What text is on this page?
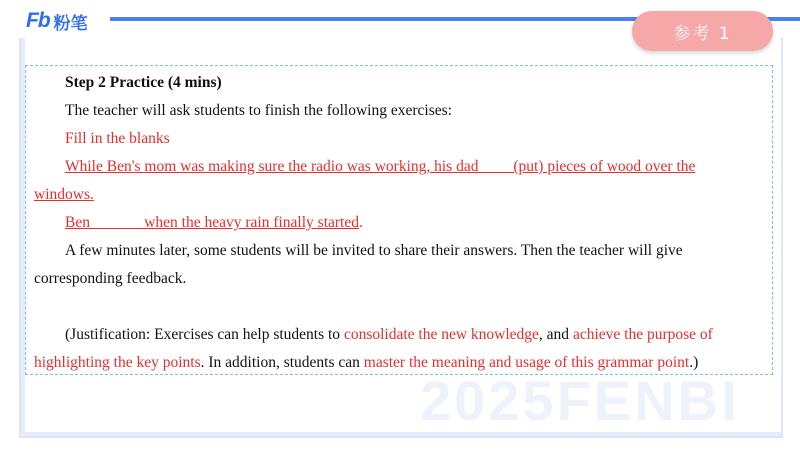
Fb 粉笔	参考 1
2025FENBI
Step 2 Practice (4 mins)
The teacher will ask students to finish the following exercises:
Fill in the blanks
While Ben's mom was making sure the radio was working, his dad ____(put) pieces of wood over the
windows.
Ben ______ when the heavy rain finally started.
A few minutes later, some students will be invited to share their answers. Then the teacher will give
corresponding feedback.
(Justification: Exercises can help students to consolidate the new knowledge, and achieve the purpose of
highlighting the key points. In addition, students can master the meaning and usage of this grammar point.)
